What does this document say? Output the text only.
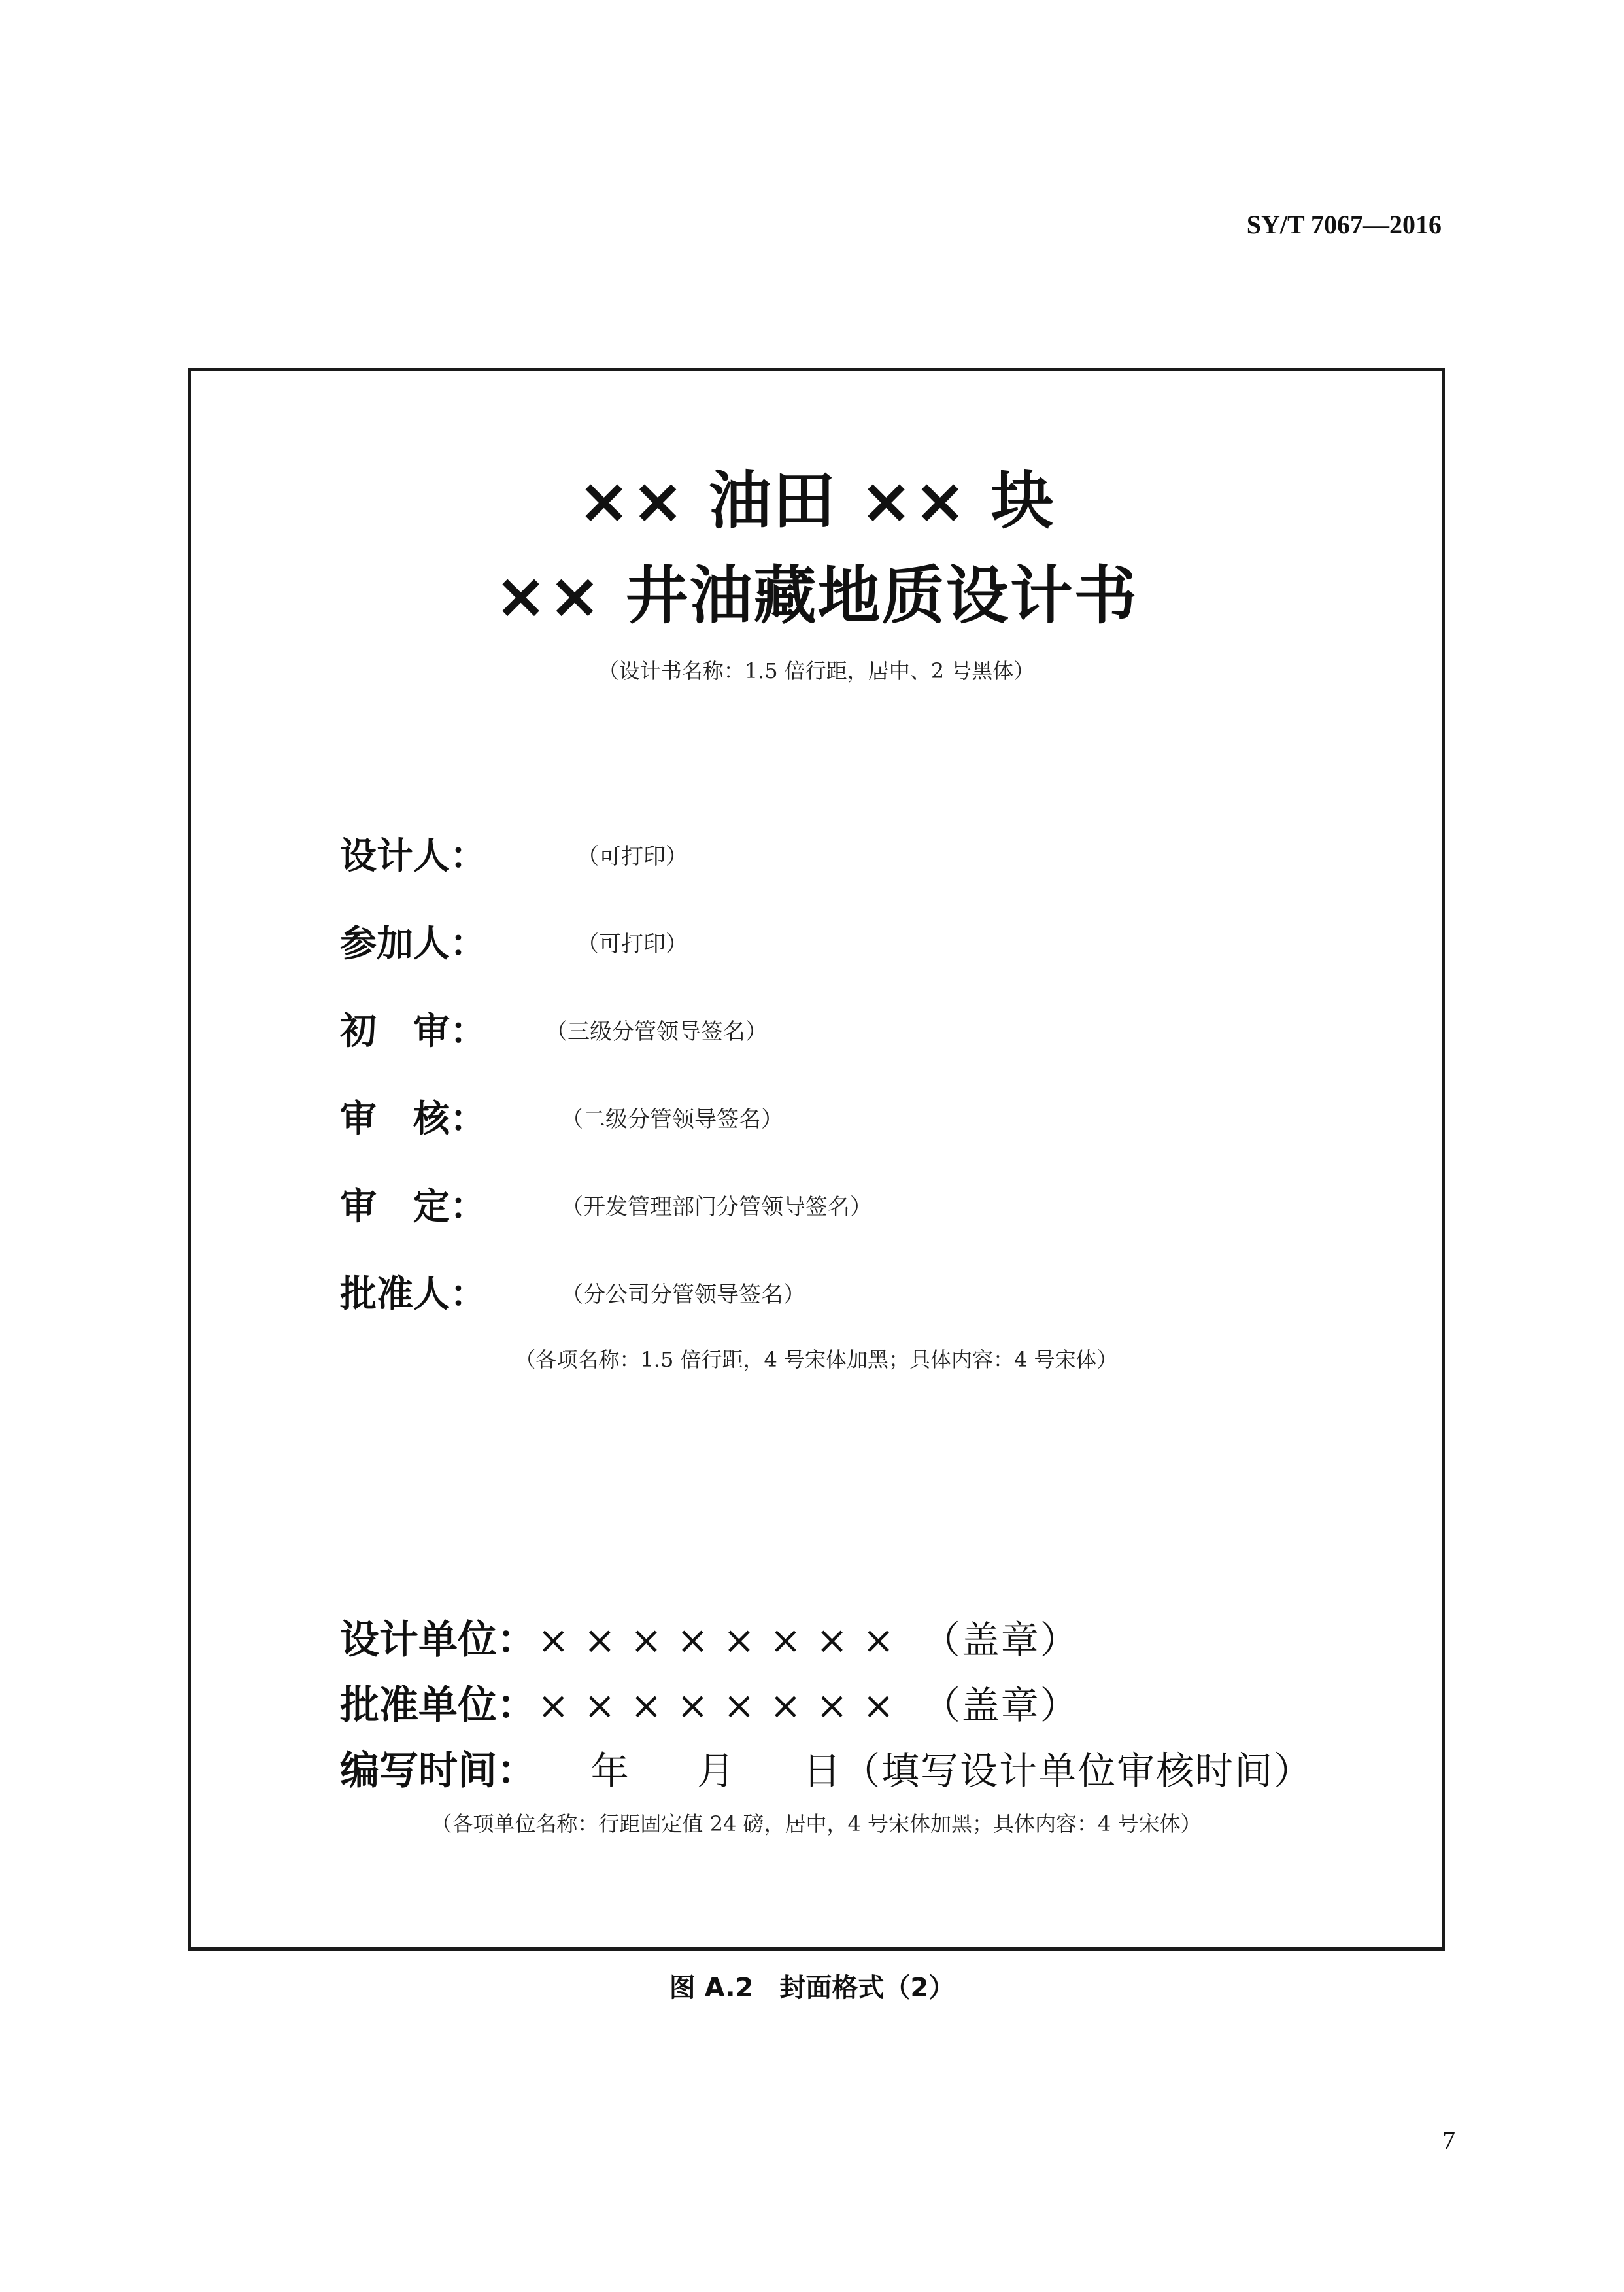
SY/T 7067—2016
×× 油田 ×× 块
×× 井油藏地质设计书
（设计书名称：1.5 倍行距，居中、2 号黑体）
设计人：	（可打印）
参加人：	（可打印）
初　审：	（三级分管领导签名）
审　核：	（二级分管领导签名）
审　定：	（开发管理部门分管领导签名）
批准人：	（分公司分管领导签名）
（各项名称：1.5 倍行距，4 号宋体加黑；具体内容：4 号宋体）
设计单位： × × × × × × × ×  （盖章）
批准单位： × × × × × × × ×  （盖章）
编写时间： 年     月     日（填写设计单位审核时间）
（各项单位名称：行距固定值 24 磅，居中，4 号宋体加黑；具体内容：4 号宋体）
图 A.2　封面格式（2）
7
